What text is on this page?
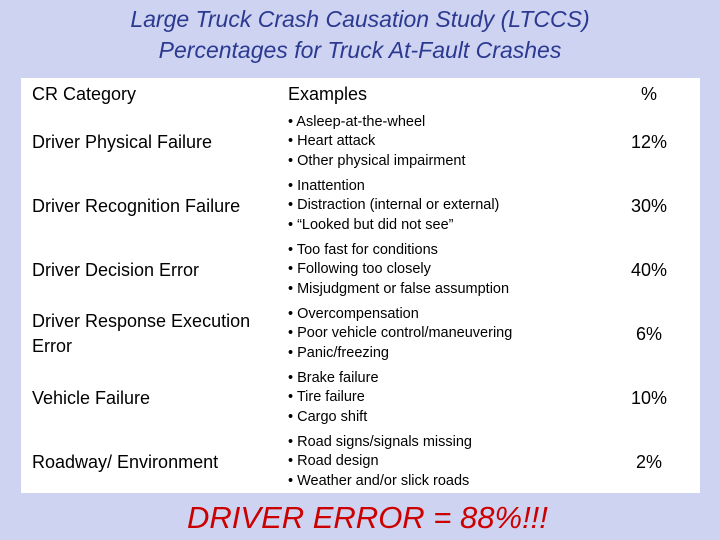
Large Truck Crash Causation Study (LTCCS)
Percentages for Truck At-Fault Crashes
CR Category	Examples	%
Driver Physical Failure
• Asleep-at-the-wheel
• Heart attack
• Other physical impairment
12%
Driver Recognition Failure
• Inattention
• Distraction (internal or external)
• “Looked but did not see”
30%
Driver Decision Error
• Too fast for conditions
• Following too closely
• Misjudgment or false assumption
40%
Driver Response Execution Error
• Overcompensation
• Poor vehicle control/maneuvering
• Panic/freezing
6%
Vehicle Failure
• Brake failure
• Tire failure
• Cargo shift
10%
Roadway/ Environment
• Road signs/signals missing
• Road design
• Weather and/or slick roads
2%
DRIVER ERROR = 88%!!!
